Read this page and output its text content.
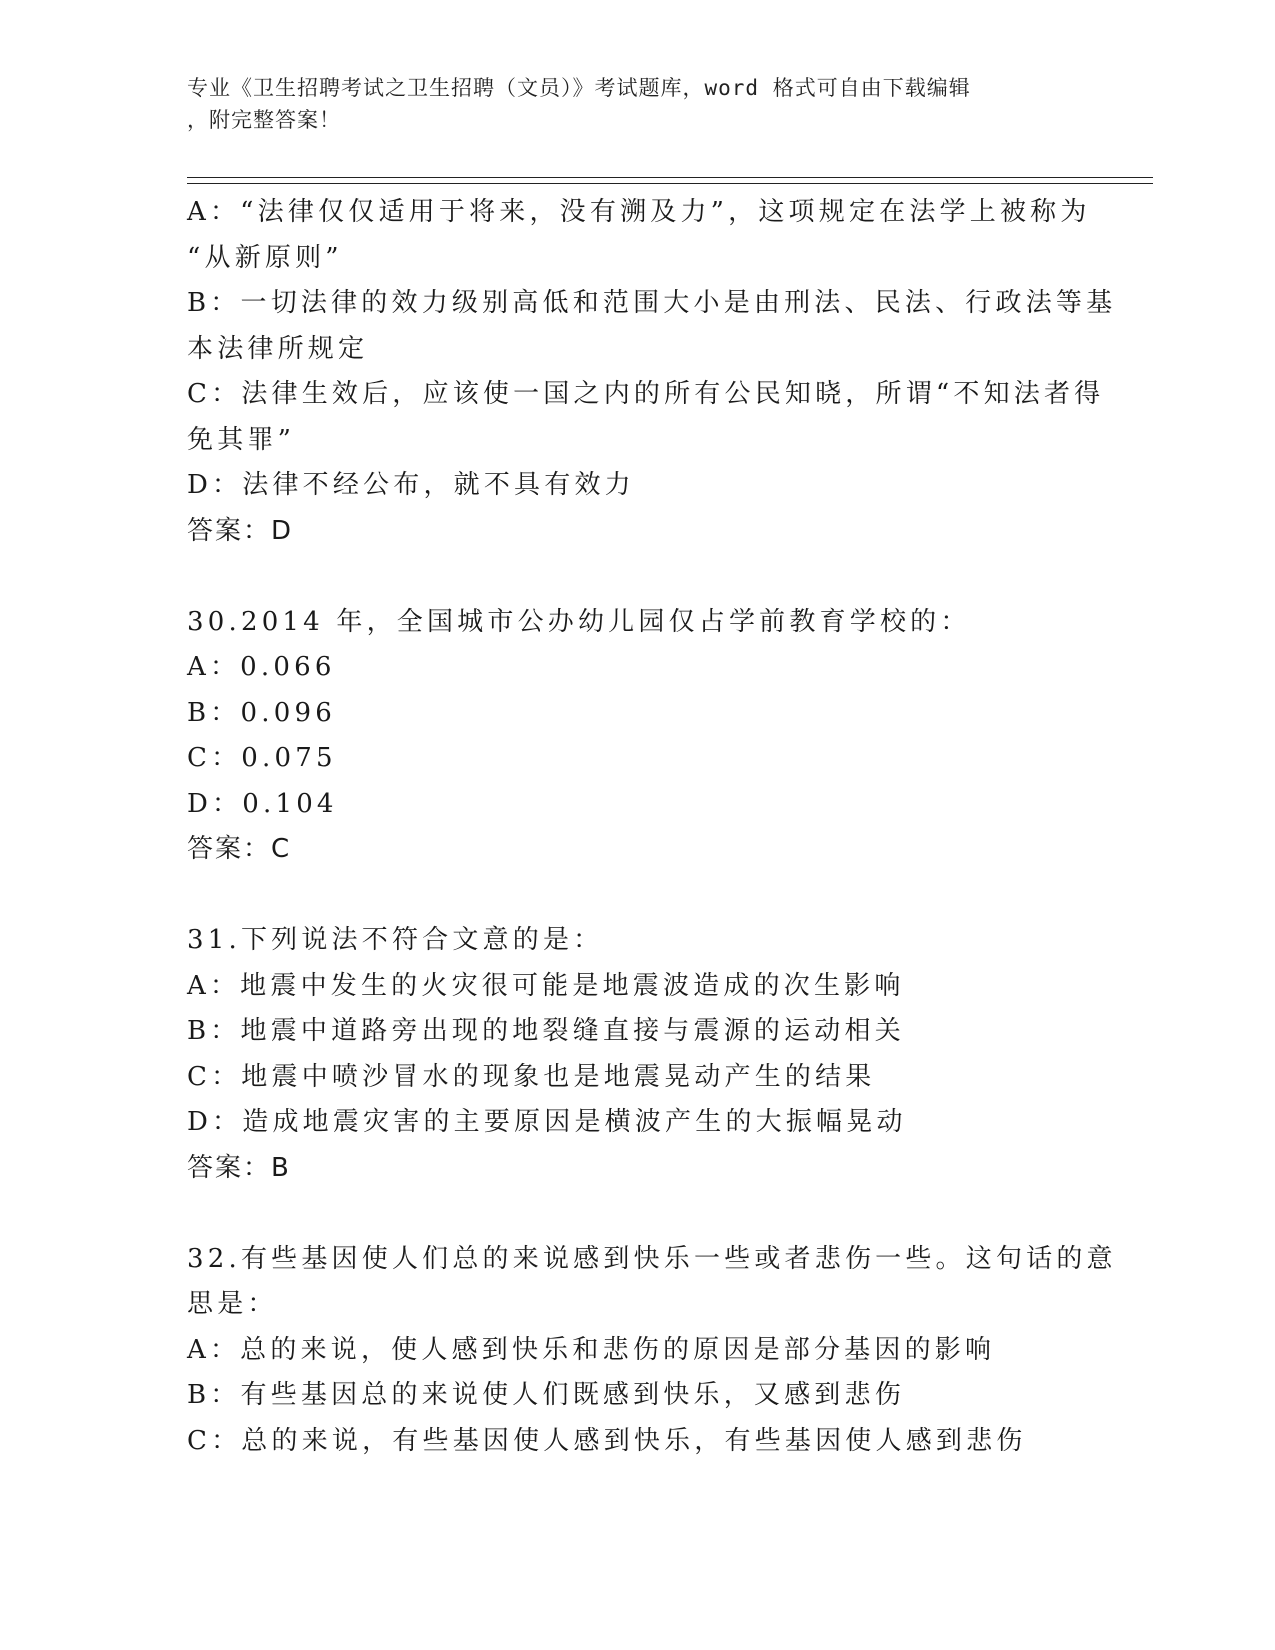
专业《卫生招聘考试之卫生招聘（文员）》考试题库，word 格式可自由下载编辑
，附完整答案！
A：“法律仅仅适用于将来，没有溯及力”，这项规定在法学上被称为
“从新原则”
B：一切法律的效力级别高低和范围大小是由刑法、民法、行政法等基
本法律所规定
C：法律生效后，应该使一国之内的所有公民知晓，所谓“不知法者得
免其罪”
D：法律不经公布，就不具有效力
答案：D
30.2014 年，全国城市公办幼儿园仅占学前教育学校的：
A：0.066
B：0.096
C：0.075
D：0.104
答案：C
31.下列说法不符合文意的是：
A：地震中发生的火灾很可能是地震波造成的次生影响
B：地震中道路旁出现的地裂缝直接与震源的运动相关
C：地震中喷沙冒水的现象也是地震晃动产生的结果
D：造成地震灾害的主要原因是横波产生的大振幅晃动
答案：B
32.有些基因使人们总的来说感到快乐一些或者悲伤一些。这句话的意
思是：
A：总的来说，使人感到快乐和悲伤的原因是部分基因的影响
B：有些基因总的来说使人们既感到快乐，又感到悲伤
C：总的来说，有些基因使人感到快乐，有些基因使人感到悲伤
